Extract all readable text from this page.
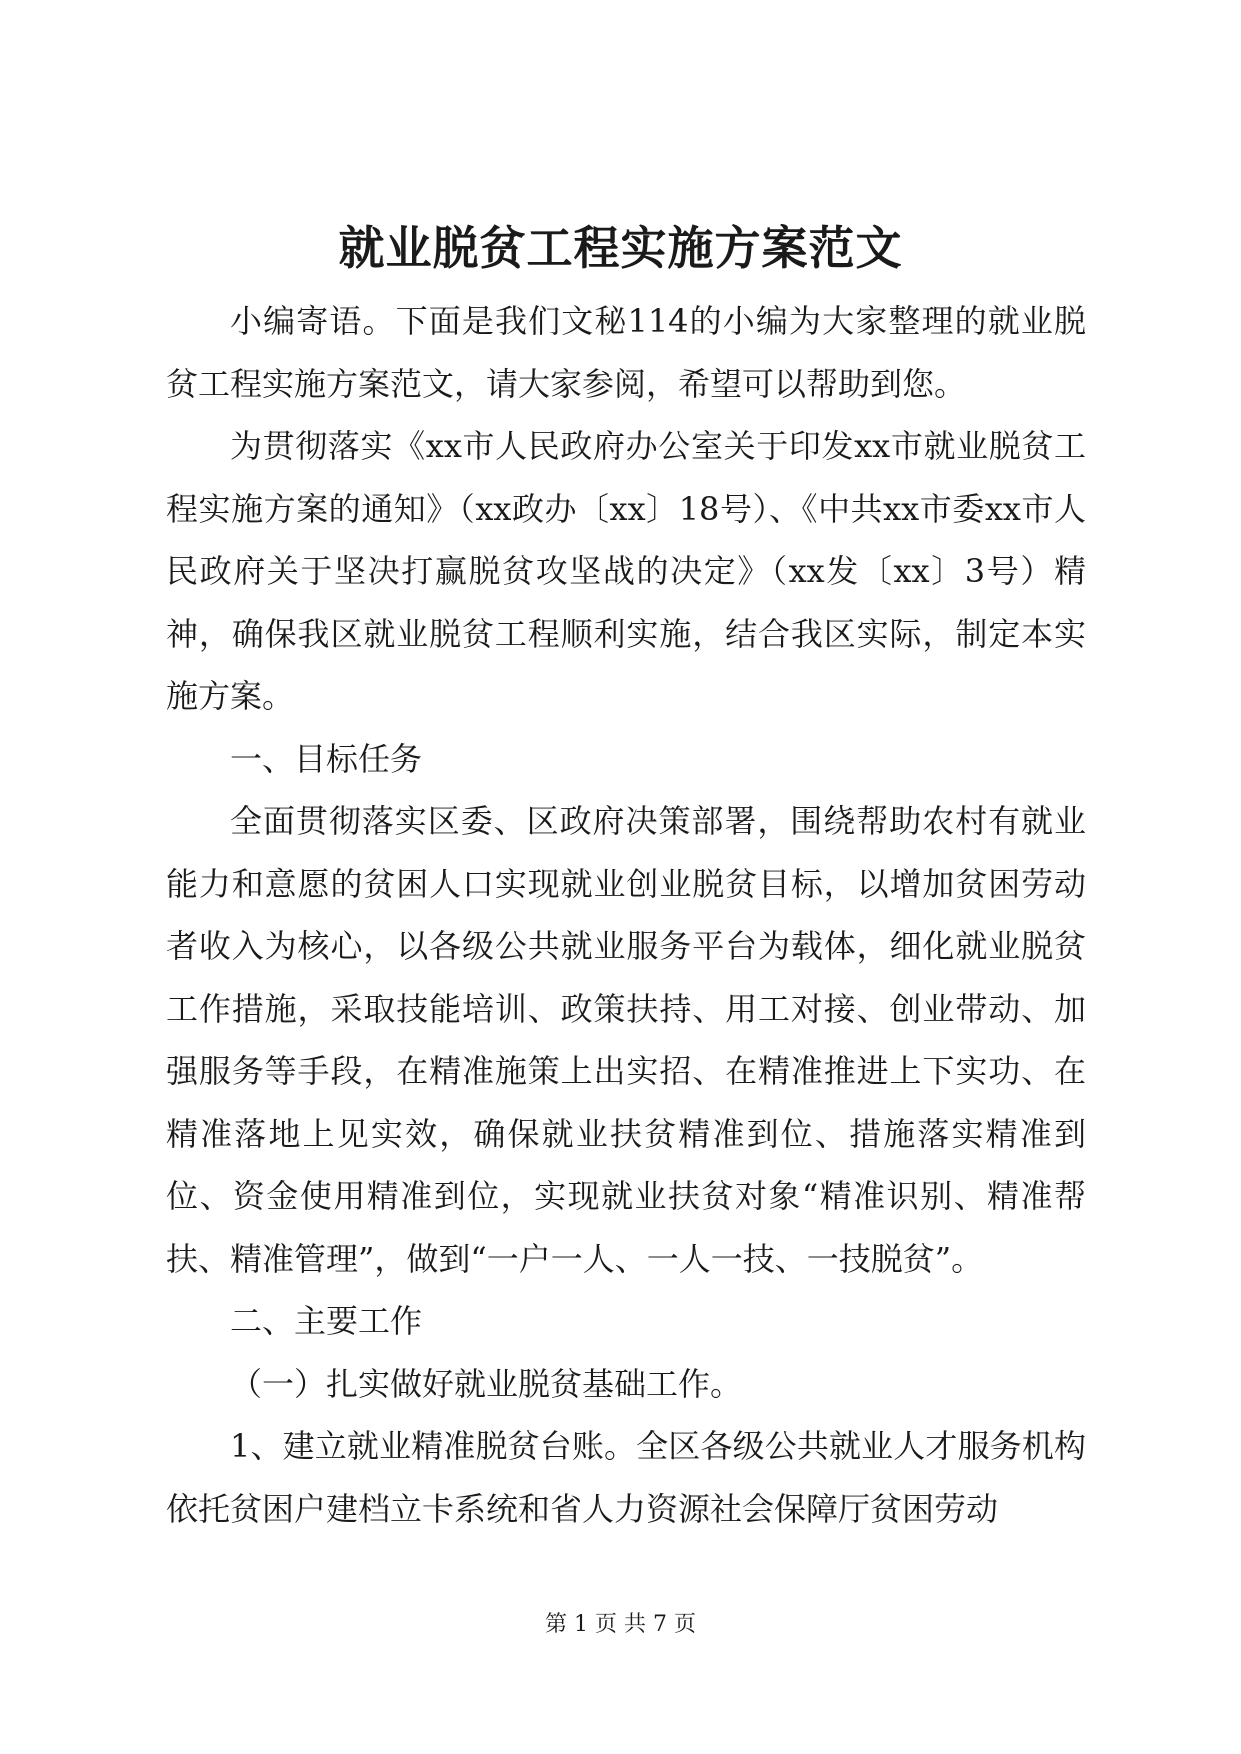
就业脱贫工程实施方案范文

小编寄语。下面是我们文秘114的小编为大家整理的就业脱贫工程实施方案范文，请大家参阅，希望可以帮助到您。

为贯彻落实《xx市人民政府办公室关于印发xx市就业脱贫工程实施方案的通知》（xx政办〔xx〕18号）、《中共xx市委xx市人民政府关于坚决打赢脱贫攻坚战的决定》（xx发〔xx〕3号）精神，确保我区就业脱贫工程顺利实施，结合我区实际，制定本实施方案。

一、目标任务

全面贯彻落实区委、区政府决策部署，围绕帮助农村有就业能力和意愿的贫困人口实现就业创业脱贫目标，以增加贫困劳动者收入为核心，以各级公共就业服务平台为载体，细化就业脱贫工作措施，采取技能培训、政策扶持、用工对接、创业带动、加强服务等手段，在精准施策上出实招、在精准推进上下实功、在精准落地上见实效，确保就业扶贫精准到位、措施落实精准到位、资金使用精准到位，实现就业扶贫对象“精准识别、精准帮扶、精准管理”，做到“一户一人、一人一技、一技脱贫”。

二、主要工作

（一）扎实做好就业脱贫基础工作。

1、建立就业精准脱贫台账。全区各级公共就业人才服务机构依托贫困户建档立卡系统和省人力资源社会保障厅贫困劳动

第 1 页 共 7 页
